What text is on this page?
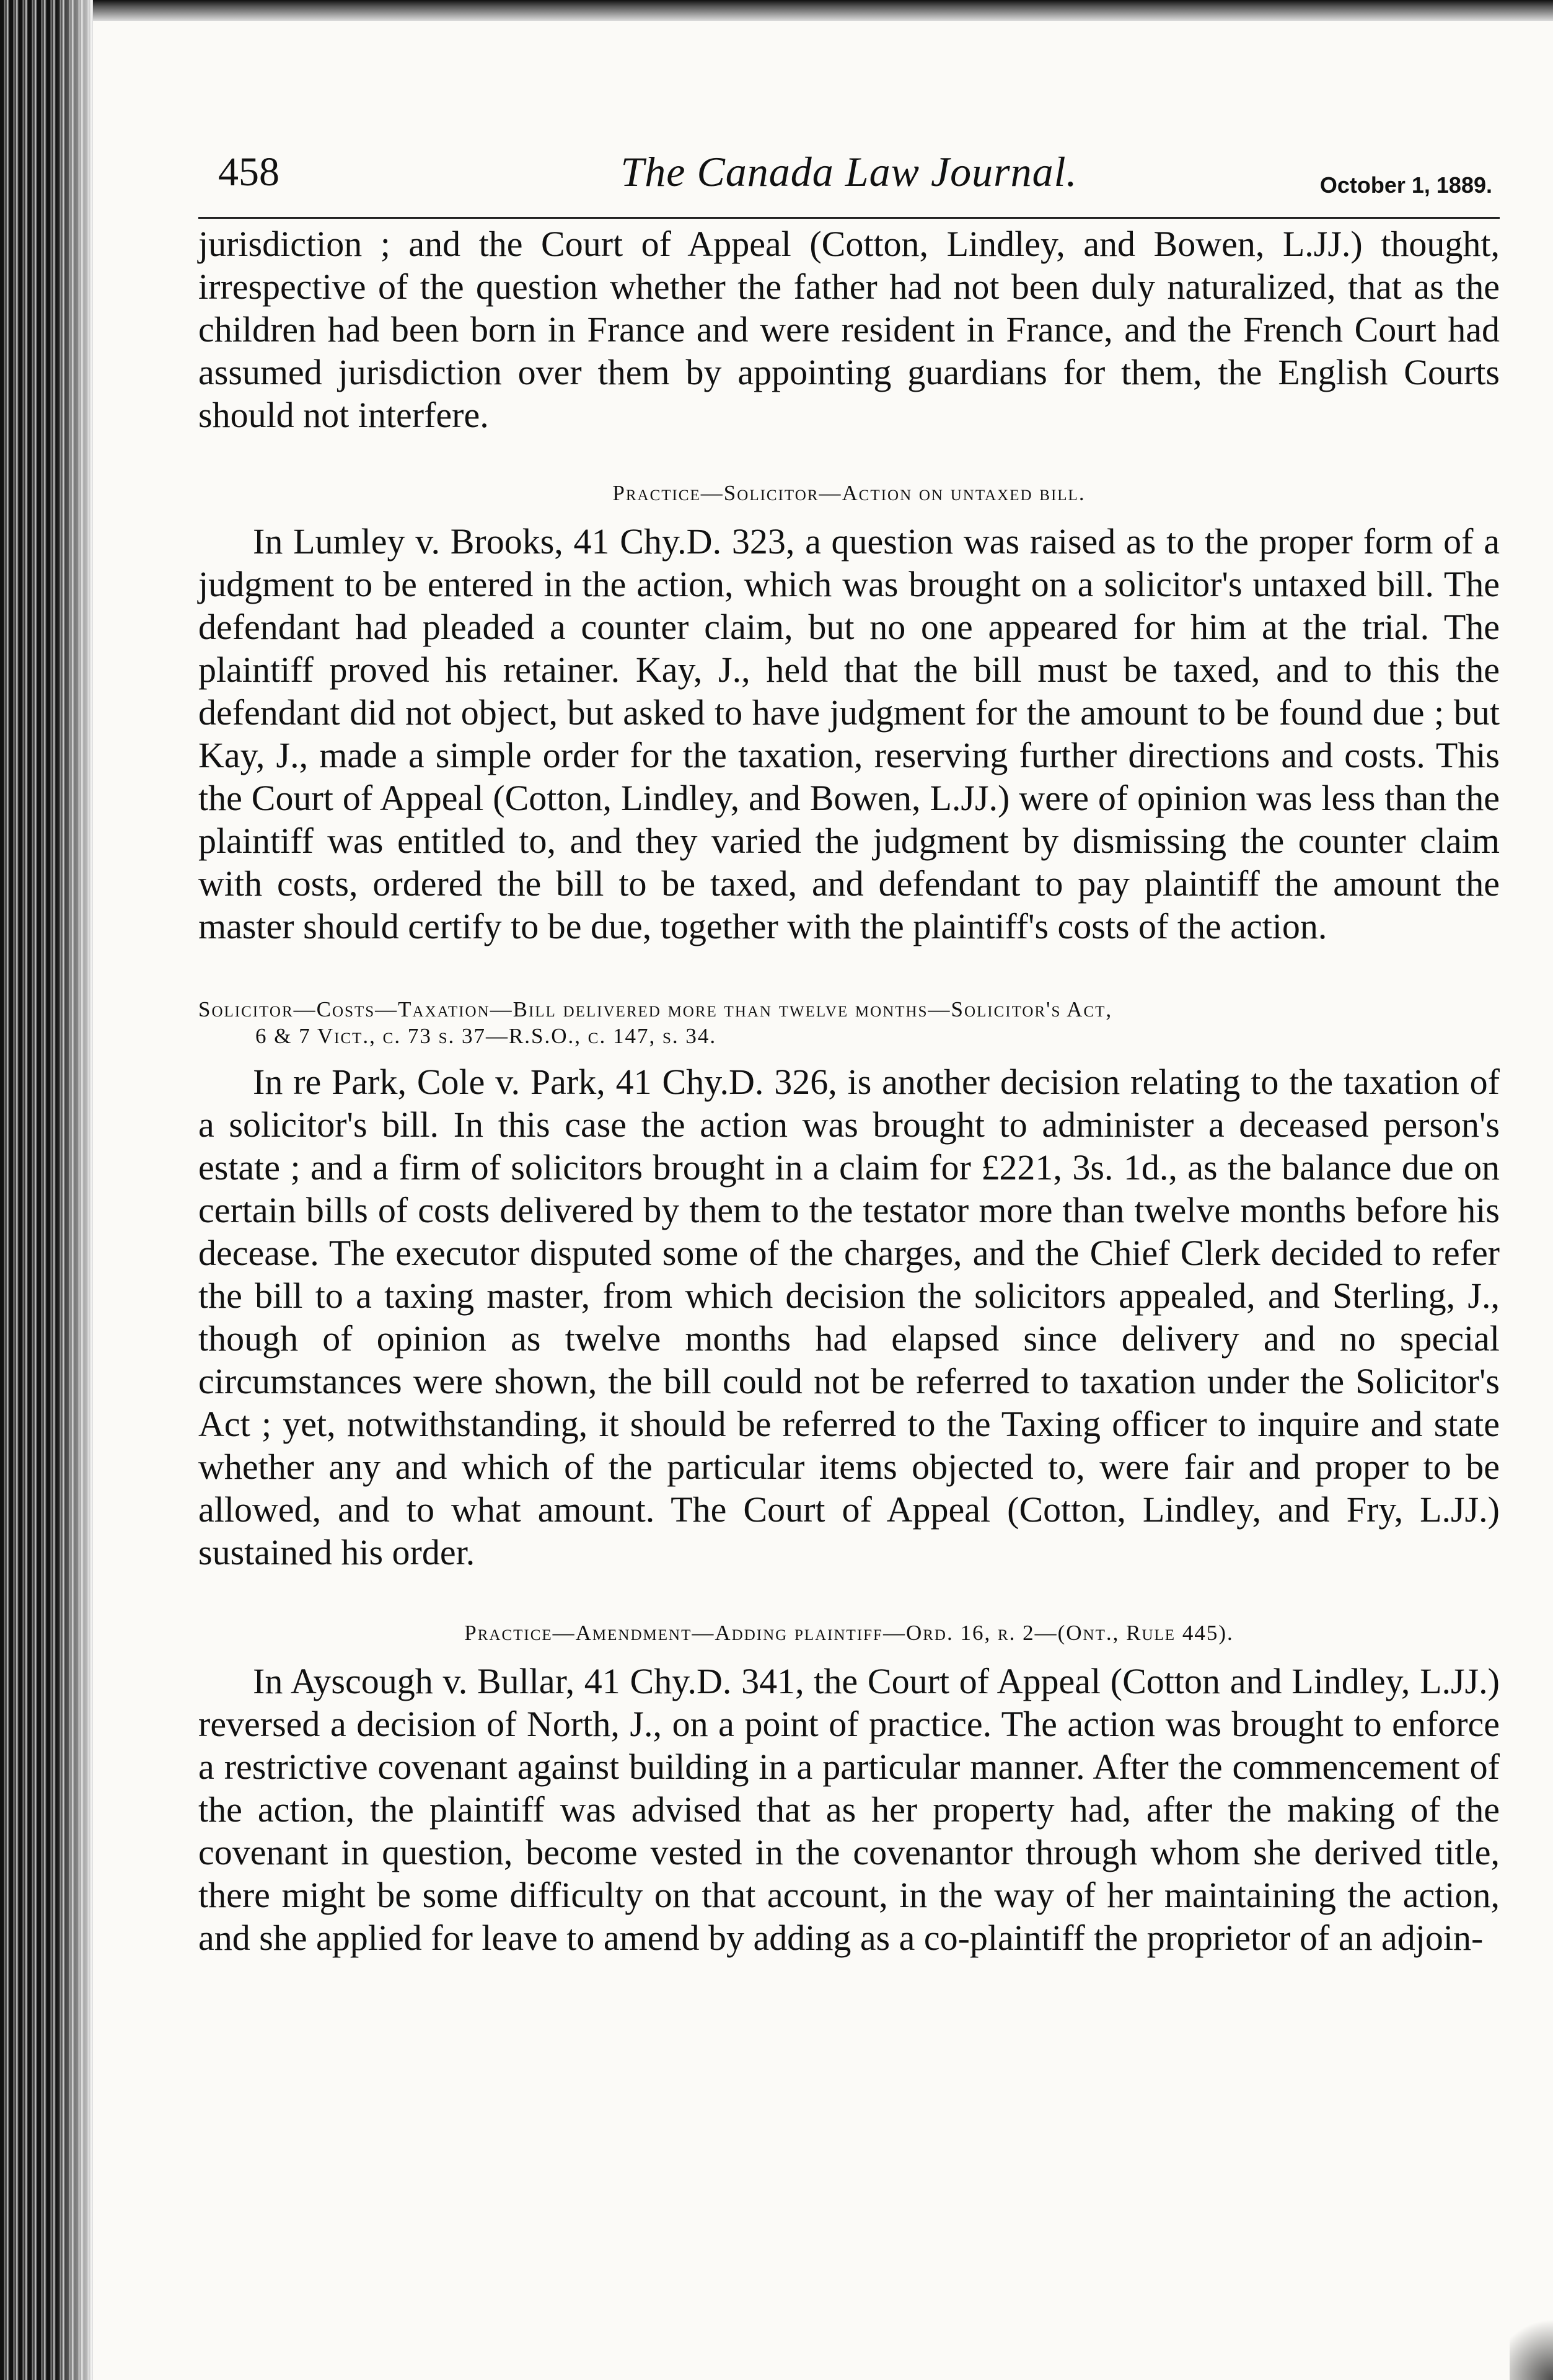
458	The Canada Law Journal.	October 1, 1889.

jurisdiction ; and the Court of Appeal (Cotton, Lindley, and Bowen, L.JJ.) thought, irrespective of the question whether the father had not been duly naturalized, that as the children had been born in France and were resident in France, and the French Court had assumed jurisdiction over them by appointing guardians for them, the English Courts should not interfere.

Practice—Solicitor—Action on untaxed bill.

In Lumley v. Brooks, 41 Chy.D. 323, a question was raised as to the proper form of a judgment to be entered in the action, which was brought on a solicitor's untaxed bill. The defendant had pleaded a counter claim, but no one appeared for him at the trial. The plaintiff proved his retainer. Kay, J., held that the bill must be taxed, and to this the defendant did not object, but asked to have judgment for the amount to be found due ; but Kay, J., made a simple order for the taxation, reserving further directions and costs. This the Court of Appeal (Cotton, Lindley, and Bowen, L.JJ.) were of opinion was less than the plaintiff was entitled to, and they varied the judgment by dismissing the counter claim with costs, ordered the bill to be taxed, and defendant to pay plaintiff the amount the master should certify to be due, together with the plaintiff's costs of the action.

Solicitor—Costs—Taxation—Bill delivered more than twelve months—Solicitor's Act,
6 & 7 Vict., c. 73 s. 37—R.S.O., c. 147, s. 34.

In re Park, Cole v. Park, 41 Chy.D. 326, is another decision relating to the taxation of a solicitor's bill. In this case the action was brought to administer a deceased person's estate ; and a firm of solicitors brought in a claim for £221, 3s. 1d., as the balance due on certain bills of costs delivered by them to the testator more than twelve months before his decease. The executor disputed some of the charges, and the Chief Clerk decided to refer the bill to a taxing master, from which decision the solicitors appealed, and Sterling, J., though of opinion as twelve months had elapsed since delivery and no special circumstances were shown, the bill could not be referred to taxation under the Solicitor's Act ; yet, notwithstanding, it should be referred to the Taxing officer to inquire and state whether any and which of the particular items objected to, were fair and proper to be allowed, and to what amount. The Court of Appeal (Cotton, Lindley, and Fry, L.JJ.) sustained his order.

Practice—Amendment—Adding plaintiff—Ord. 16, r. 2—(Ont., Rule 445).

In Ayscough v. Bullar, 41 Chy.D. 341, the Court of Appeal (Cotton and Lindley, L.JJ.) reversed a decision of North, J., on a point of practice. The action was brought to enforce a restrictive covenant against building in a particular manner. After the commencement of the action, the plaintiff was advised that as her property had, after the making of the covenant in question, become vested in the covenantor through whom she derived title, there might be some difficulty on that account, in the way of her maintaining the action, and she applied for leave to amend by adding as a co-plaintiff the proprietor of an adjoin-
